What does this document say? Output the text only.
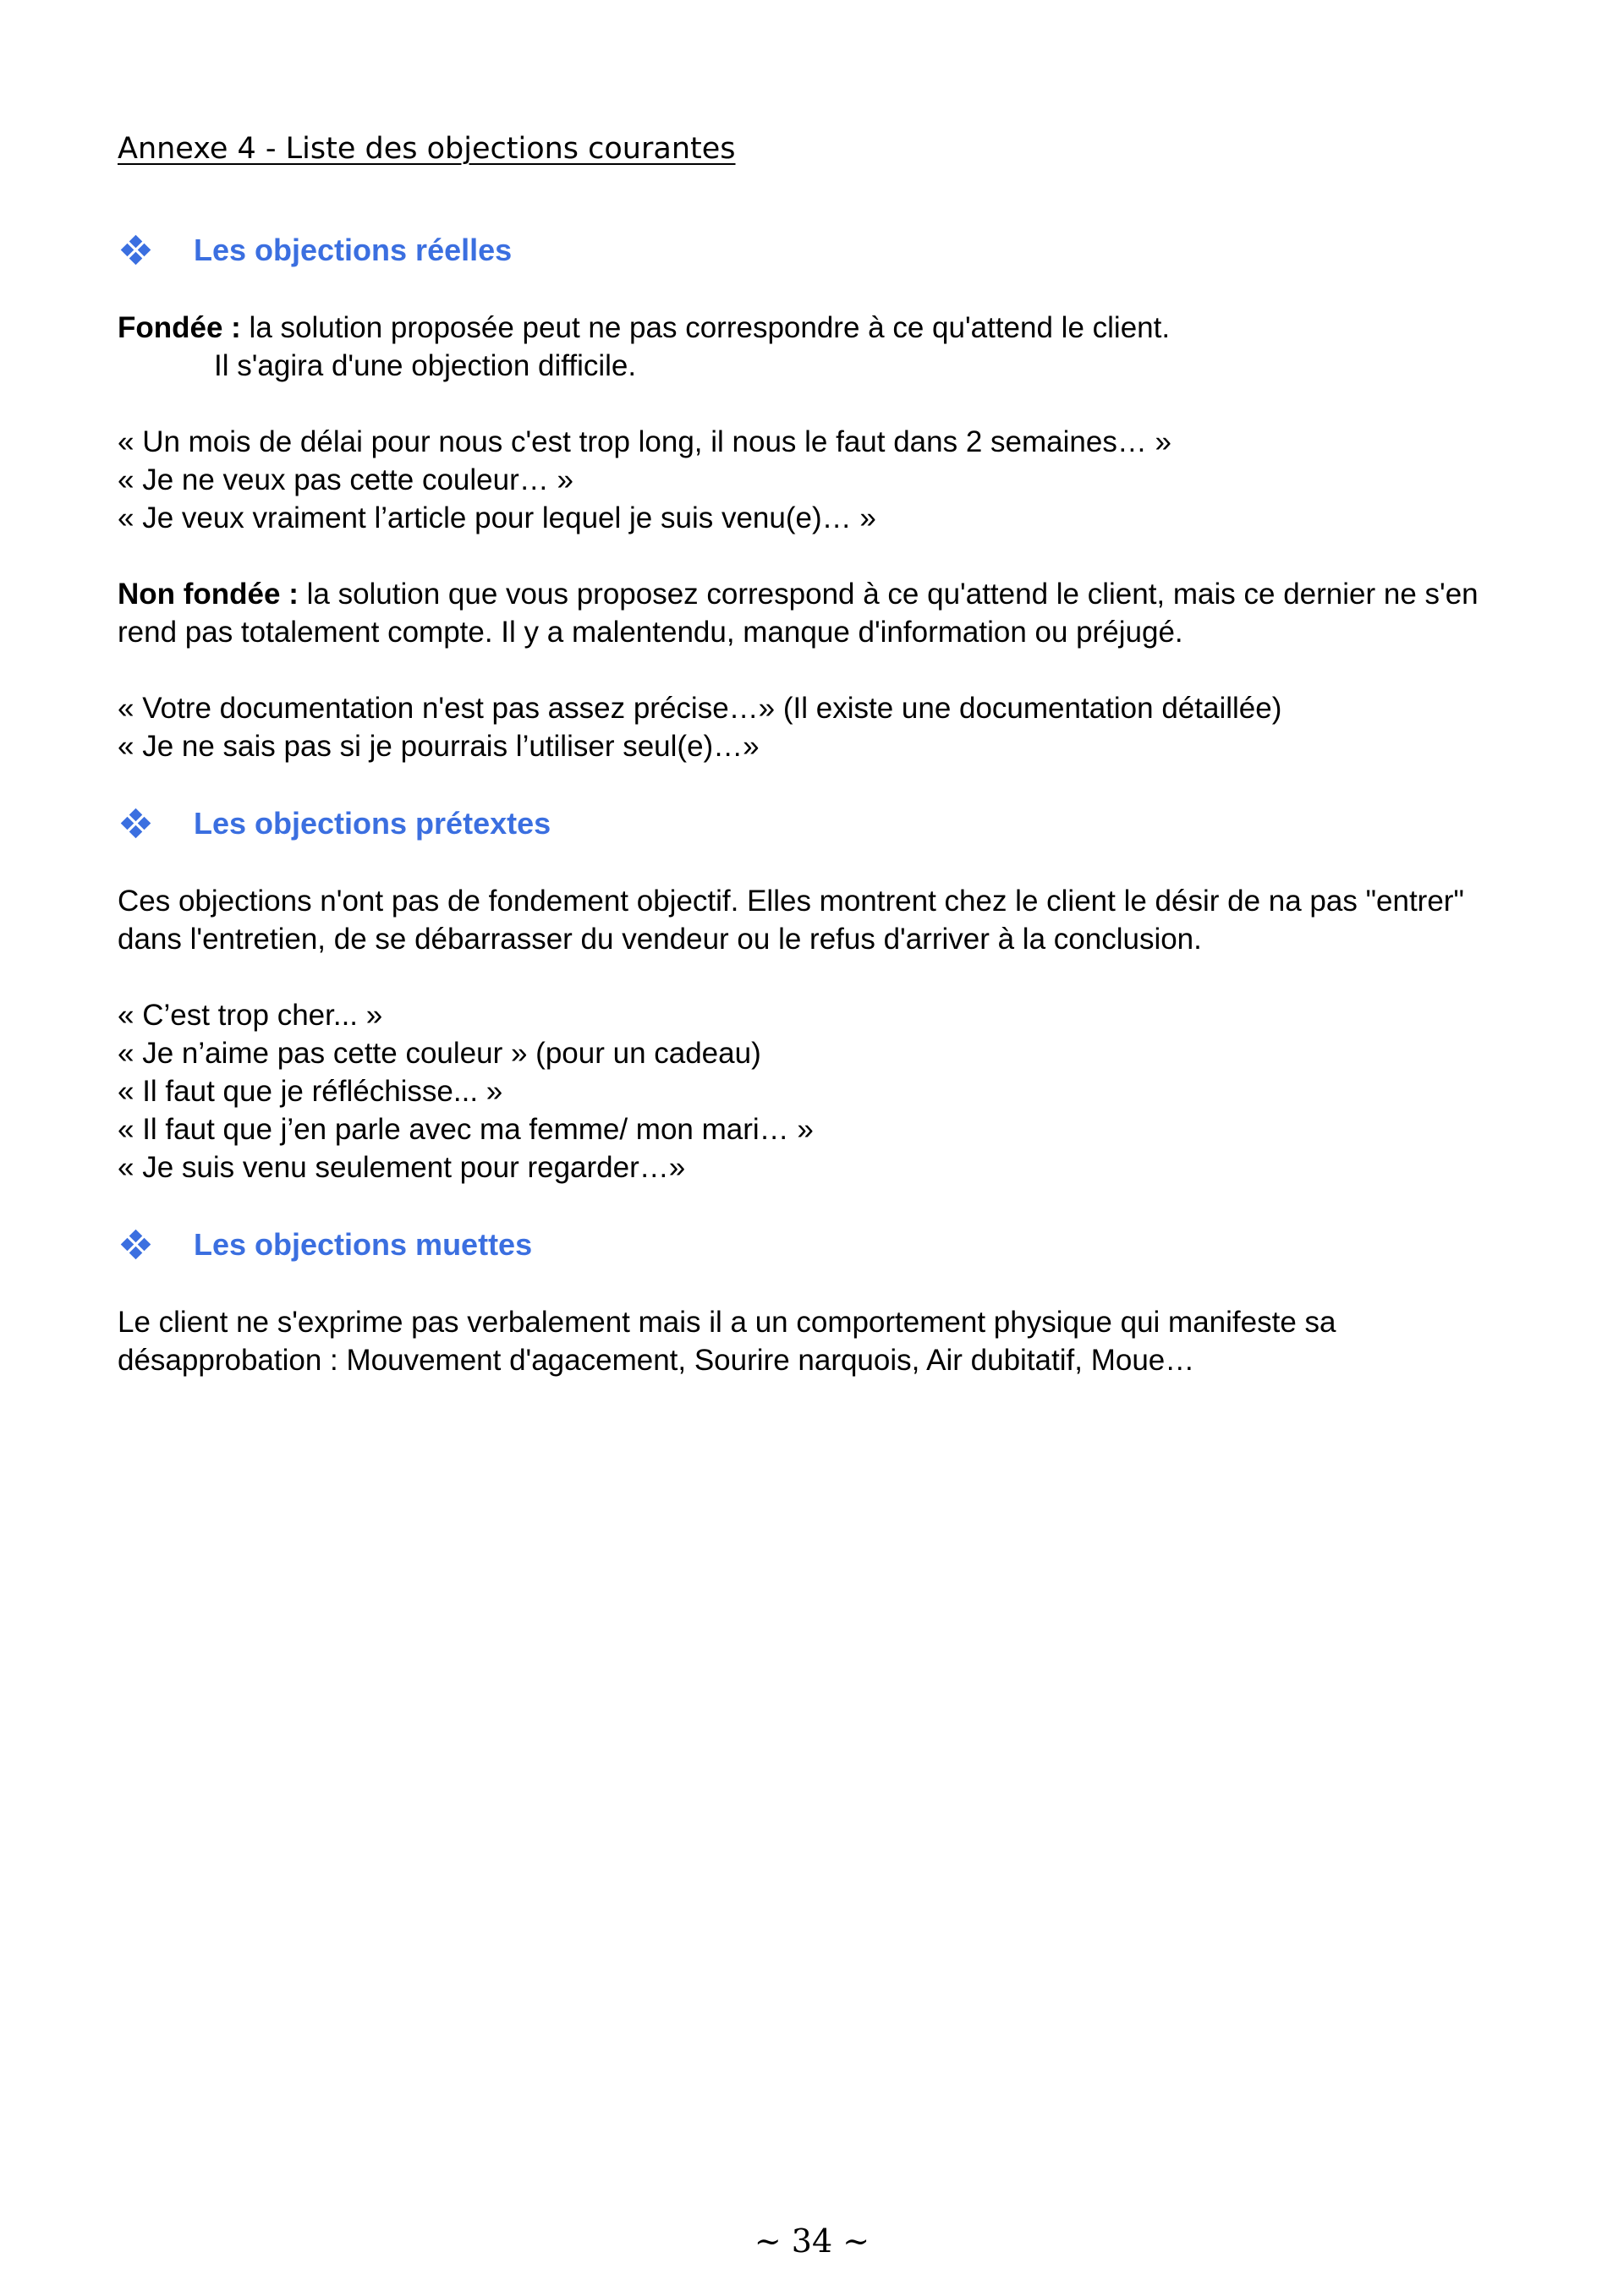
Annexe 4 - Liste des objections courantes
Les objections réelles

Fondée : la solution proposée peut ne pas correspondre à ce qu'attend le client.

Il s'agira d'une objection difficile.

« Un mois de délai pour nous c'est trop long, il nous le faut dans 2 semaines… »

« Je ne veux pas cette couleur… »

« Je veux vraiment l’article pour lequel je suis venu(e)… »

Non fondée : la solution que vous proposez correspond à ce qu'attend le client, mais ce dernier ne s'en rend pas totalement compte. Il y a malentendu, manque d'information ou préjugé.

« Votre documentation n'est pas assez précise…» (Il existe une documentation détaillée)

« Je ne sais pas si je pourrais l’utiliser seul(e)…»

Les objections prétextes

Ces objections n'ont pas de fondement objectif. Elles montrent chez le client le désir de na pas "entrer" dans l'entretien, de se débarrasser du vendeur ou le refus d'arriver à la conclusion.

« C’est trop cher... »

« Je n’aime pas cette couleur » (pour un cadeau)

« Il faut que je réfléchisse... »

« Il faut que j’en parle avec ma femme/ mon mari… »

« Je suis venu seulement pour regarder…»

Les objections muettes

Le client ne s'exprime pas verbalement mais il a un comportement physique qui manifeste sa désapprobation : Mouvement d'agacement, Sourire narquois, Air dubitatif, Moue…

~ 34 ~
